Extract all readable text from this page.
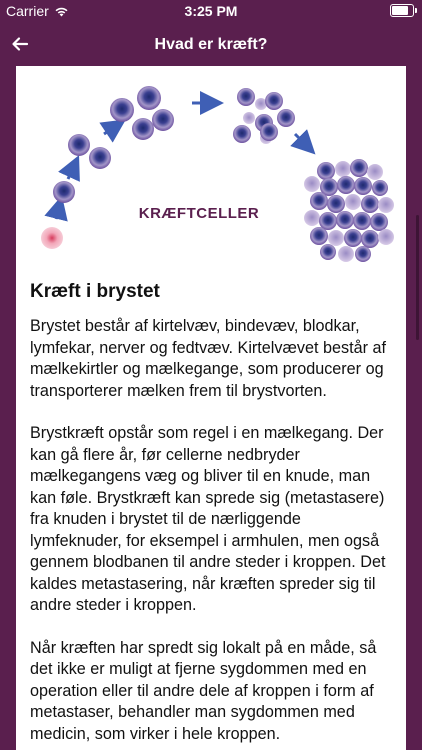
Carrier	3:25 PM
Hvad er kræft?
KRÆFTCELLER
Kræft i brystet

Brystet består af kirtelvæv, bindevæv, blodkar, lymfekar, nerver og fedtvæv. Kirtelvævet består af mælkekirtler og mælkegange, som producerer og transporterer mælken frem til brystvorten.

Brystkræft opstår som regel i en mælkegang. Der kan gå flere år, før cellerne nedbryder mælkegangens væg og bliver til en knude, man kan føle. Brystkræft kan sprede sig (metastasere) fra knuden i brystet til de nærliggende lymfeknuder, for eksempel i armhulen, men også gennem blodbanen til andre steder i kroppen. Det kaldes metastasering, når kræften spreder sig til andre steder i kroppen.

Når kræften har spredt sig lokalt på en måde, så det ikke er muligt at fjerne sygdommen med en operation eller til andre dele af kroppen i form af metastaser, behandler man sygdommen med medicin, som virker i hele kroppen.
